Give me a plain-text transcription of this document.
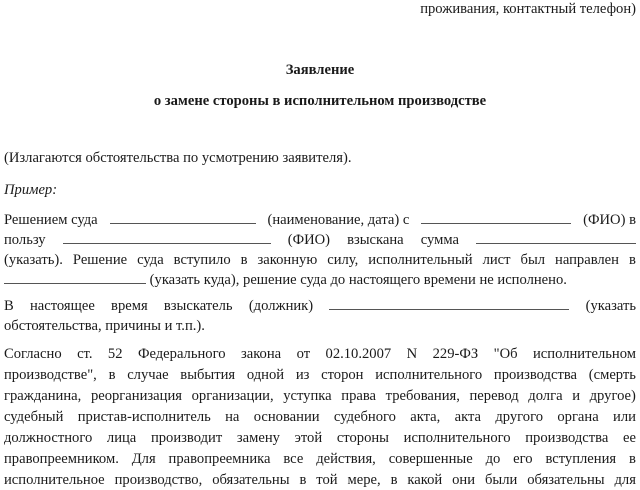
проживания, контактный телефон)
Заявление
о замене стороны в исполнительном производстве
(Излагаются обстоятельства по усмотрению заявителя).
Пример:
Решением суда	(наименование, дата) с	(ФИО) в
пользу	(ФИО) взыскана сумма
(указать). Решение суда вступило в законную силу, исполнительный лист был направлен в
(указать куда), решение суда до настоящего времени не исполнено.
В настоящее время взыскатель (должник)	(указать
обстоятельства, причины и т.п.).
Согласно ст. 52 Федерального закона от 02.10.2007 N 229-ФЗ "Об исполнительном
производстве", в случае выбытия одной из сторон исполнительного производства (смерть
гражданина, реорганизация организации, уступка права требования, перевод долга и другое)
судебный пристав-исполнитель на основании судебного акта, акта другого органа или
должностного лица производит замену этой стороны исполнительного производства ее
правопреемником. Для правопреемника все действия, совершенные до его вступления в
исполнительное производство, обязательны в той мере, в какой они были обязательны для
